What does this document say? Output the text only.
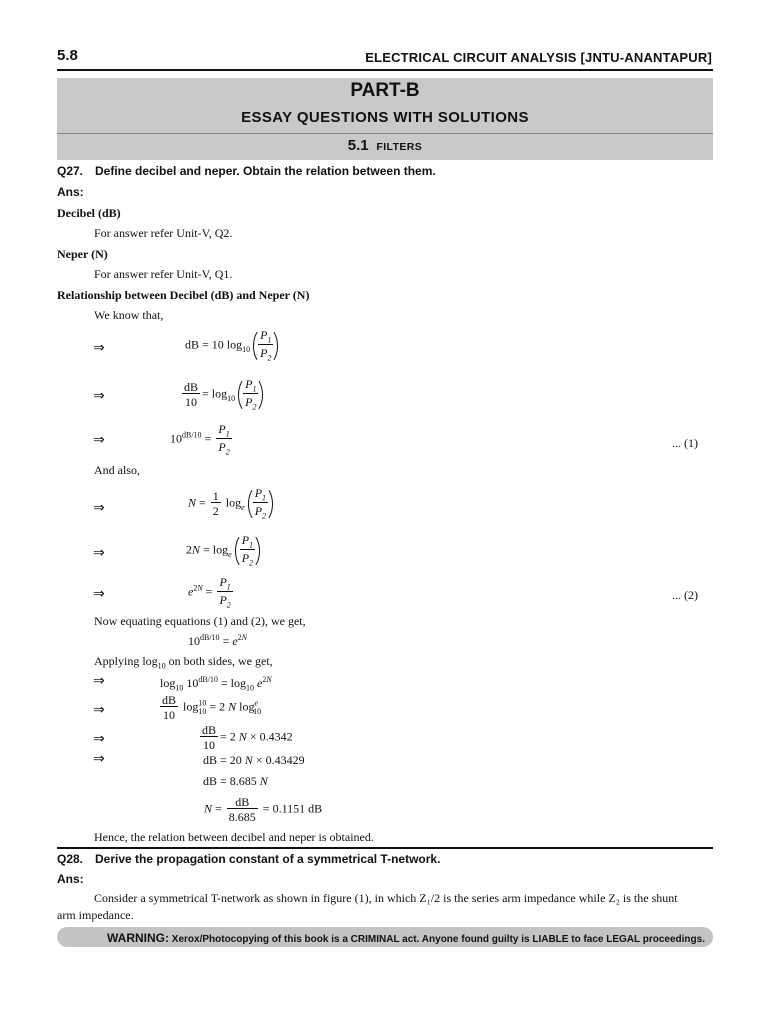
5.8	ELECTRICAL CIRCUIT ANALYSIS [JNTU-ANANTAPUR]
PART-B
ESSAY QUESTIONS WITH SOLUTIONS
5.1 FILTERS
Q27. Define decibel and neper. Obtain the relation between them.
Ans:
Decibel (dB)
For answer refer Unit-V, Q2.
Neper (N)
For answer refer Unit-V, Q1.
Relationship between Decibel (dB) and Neper (N)
We know that,
⇒	dB = 10 $\log_{10} \frac{P_1}{P_2}$
⇒	$\frac{dB}{10} = \log_{10} \frac{P_1}{P_2}$
⇒	$10^{dB/10} = \frac{P_1}{P_2}$	... (1)
And also,
⇒	$N = \frac{1}{2} \log_e \frac{P_1}{P_2}$
⇒	$2N = \log_e \frac{P_1}{P_2}$
⇒	$e^{2N} = \frac{P_1}{P_2}$	... (2)
Now equating equations (1) and (2), we get,
$10^{dB/10} = e^{2N}$
Applying $\log_{10}$ on both sides, we get,
⇒	$\log_{10} 10^{dB/10} = \log_{10} e^{2N}$
⇒	$\frac{dB}{10} \log^{10}_{10} = 2$ N $\log^e_{10}$
⇒	$\frac{dB}{10} = 2$ N × 0.4342
⇒	dB = 20 N × 0.43429
dB = 8.685 N
$N = \frac{dB}{8.685} = 0.1151$ dB
Hence, the relation between decibel and neper is obtained.
Q28. Derive the propagation constant of a symmetrical T-network.
Ans:
Consider a symmetrical T-network as shown in figure (1), in which Z₁/2 is the series arm impedance while Z₂ is the shunt
arm impedance.
WARNING: Xerox/Photocopying of this book is a CRIMINAL act. Anyone found guilty is LIABLE to face LEGAL proceedings.
